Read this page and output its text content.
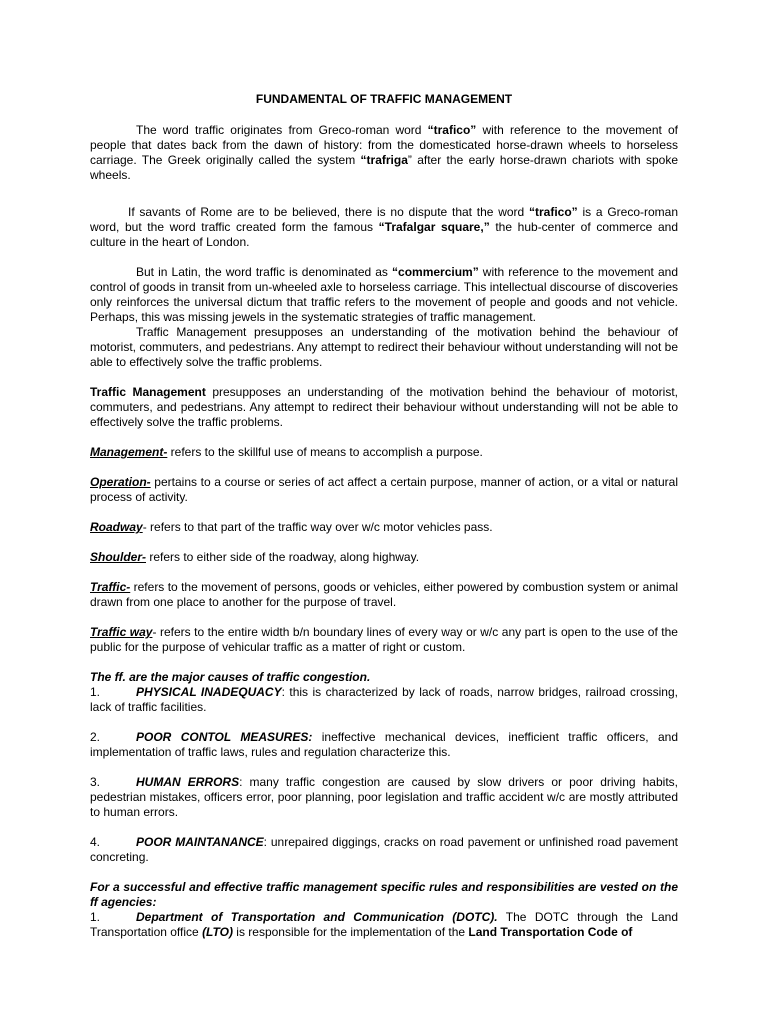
FUNDAMENTAL OF TRAFFIC MANAGEMENT

The word traffic originates from Greco-roman word “trafico” with reference to the movement of people that dates back from the dawn of history: from the domesticated horse-drawn wheels to horseless carriage. The Greek originally called the system “trafriga” after the early horse-drawn chariots with spoke wheels.

If savants of Rome are to be believed, there is no dispute that the word “trafico” is a Greco-roman word, but the word traffic created form the famous “Trafalgar square,” the hub-center of commerce and culture in the heart of London.

But in Latin, the word traffic is denominated as “commercium” with reference to the movement and control of goods in transit from un-wheeled axle to horseless carriage. This intellectual discourse of discoveries only reinforces the universal dictum that traffic refers to the movement of people and goods and not vehicle. Perhaps, this was missing jewels in the systematic strategies of traffic management.

Traffic Management presupposes an understanding of the motivation behind the behaviour of motorist, commuters, and pedestrians. Any attempt to redirect their behaviour without understanding will not be able to effectively solve the traffic problems.

Traffic Management presupposes an understanding of the motivation behind the behaviour of motorist, commuters, and pedestrians. Any attempt to redirect their behaviour without understanding will not be able to effectively solve the traffic problems.

Management- refers to the skillful use of means to accomplish a purpose.

Operation- pertains to a course or series of act affect a certain purpose, manner of action, or a vital or natural process of activity.

Roadway- refers to that part of the traffic way over w/c motor vehicles pass.

Shoulder- refers to either side of the roadway, along highway.

Traffic- refers to the movement of persons, goods or vehicles, either powered by combustion system or animal drawn from one place to another for the purpose of travel.

Traffic way- refers to the entire width b/n boundary lines of every way or w/c any part is open to the use of the public for the purpose of vehicular traffic as a matter of right or custom.

The ff. are the major causes of traffic congestion.

1.	PHYSICAL INADEQUACY: this is characterized by lack of roads, narrow bridges, railroad crossing, lack of traffic facilities.

2.	POOR CONTOL MEASURES: ineffective mechanical devices, inefficient traffic officers, and implementation of traffic laws, rules and regulation characterize this.

3.	HUMAN ERRORS: many traffic congestion are caused by slow drivers or poor driving habits, pedestrian mistakes, officers error, poor planning, poor legislation and traffic accident w/c are mostly attributed to human errors.

4.	POOR MAINTANANCE: unrepaired diggings, cracks on road pavement or unfinished road pavement concreting.

For a successful and effective traffic management specific rules and responsibilities are vested on the ff agencies:

1.	Department of Transportation and Communication (DOTC). The DOTC through the Land Transportation office (LTO) is responsible for the implementation of the Land Transportation Code of
